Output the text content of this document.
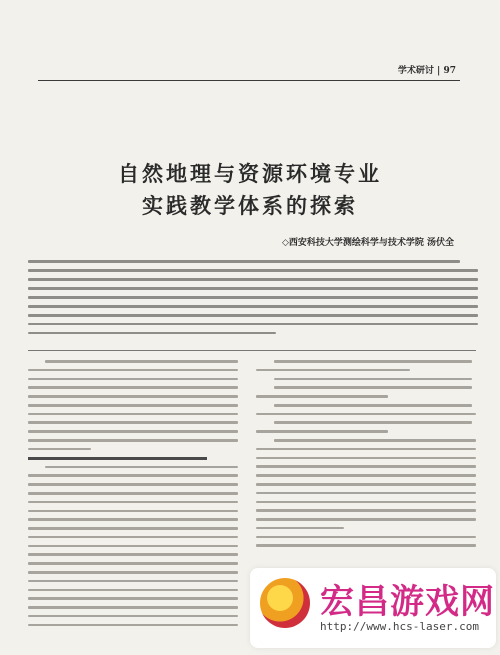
学术研讨 | 97
自然地理与资源环境专业
实践教学体系的探索
◇西安科技大学测绘科学与技术学院 汤伏全
宏昌游戏网
http://www.hcs-laser.com
